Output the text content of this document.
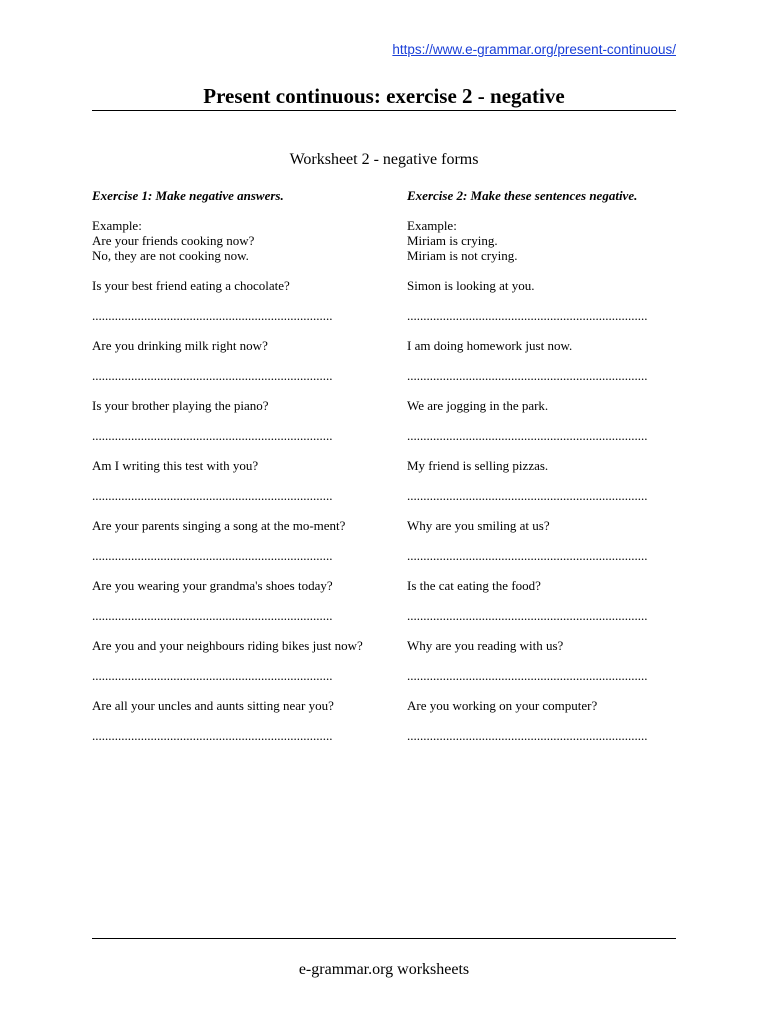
https://www.e-grammar.org/present-continuous/
Present continuous: exercise 2 - negative
Worksheet 2 - negative forms

Exercise 1: Make negative answers.

Example:
Are your friends cooking now?
No, they are not cooking now.
Is your best friend eating a chocolate?
..........................................................................
Are you drinking milk right now?
..........................................................................
Is your brother playing the piano?
..........................................................................
Am I writing this test with you?
..........................................................................
Are your parents singing a song at the mo-ment?
..........................................................................
Are you wearing your grandma's shoes today?
..........................................................................
Are you and your neighbours riding bikes just now?
..........................................................................
Are all your uncles and aunts sitting near you?
..........................................................................

Exercise 2: Make these sentences negative.

Example:
Miriam is crying.
Miriam is not crying.
Simon is looking at you.
..........................................................................
I am doing homework just now.
..........................................................................
We are jogging in the park.
..........................................................................
My friend is selling pizzas.
..........................................................................
Why are you smiling at us?
..........................................................................
Is the cat eating the food?
..........................................................................
Why are you reading with us?
..........................................................................
Are you working on your computer?
..........................................................................
e-grammar.org worksheets
